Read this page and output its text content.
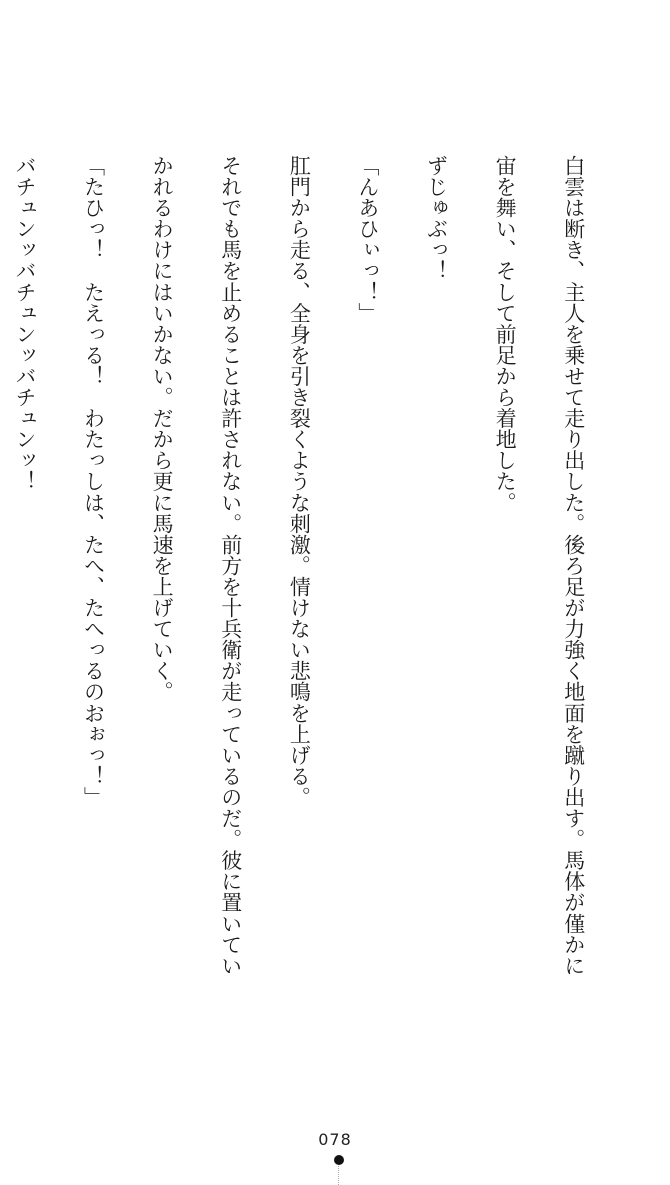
白雲は断き、主人を乗せて走り出した。後ろ足が力強く地面を蹴り出す。馬体が僅かに

宙を舞い、そして前足から着地した。

ずじゅぶっ！

「んあひぃっ！」

肛門から走る、全身を引き裂くような刺激。情けない悲鳴を上げる。

それでも馬を止めることは許されない。前方を十兵衛が走っているのだ。彼に置いてい

かれるわけにはいかない。だから更に馬速を上げていく。

「たひっ！　たえっる！　わたっしは、たへ、たへっるのおぉっ！」

バチュンッバチュンッバチュンッ！

078
